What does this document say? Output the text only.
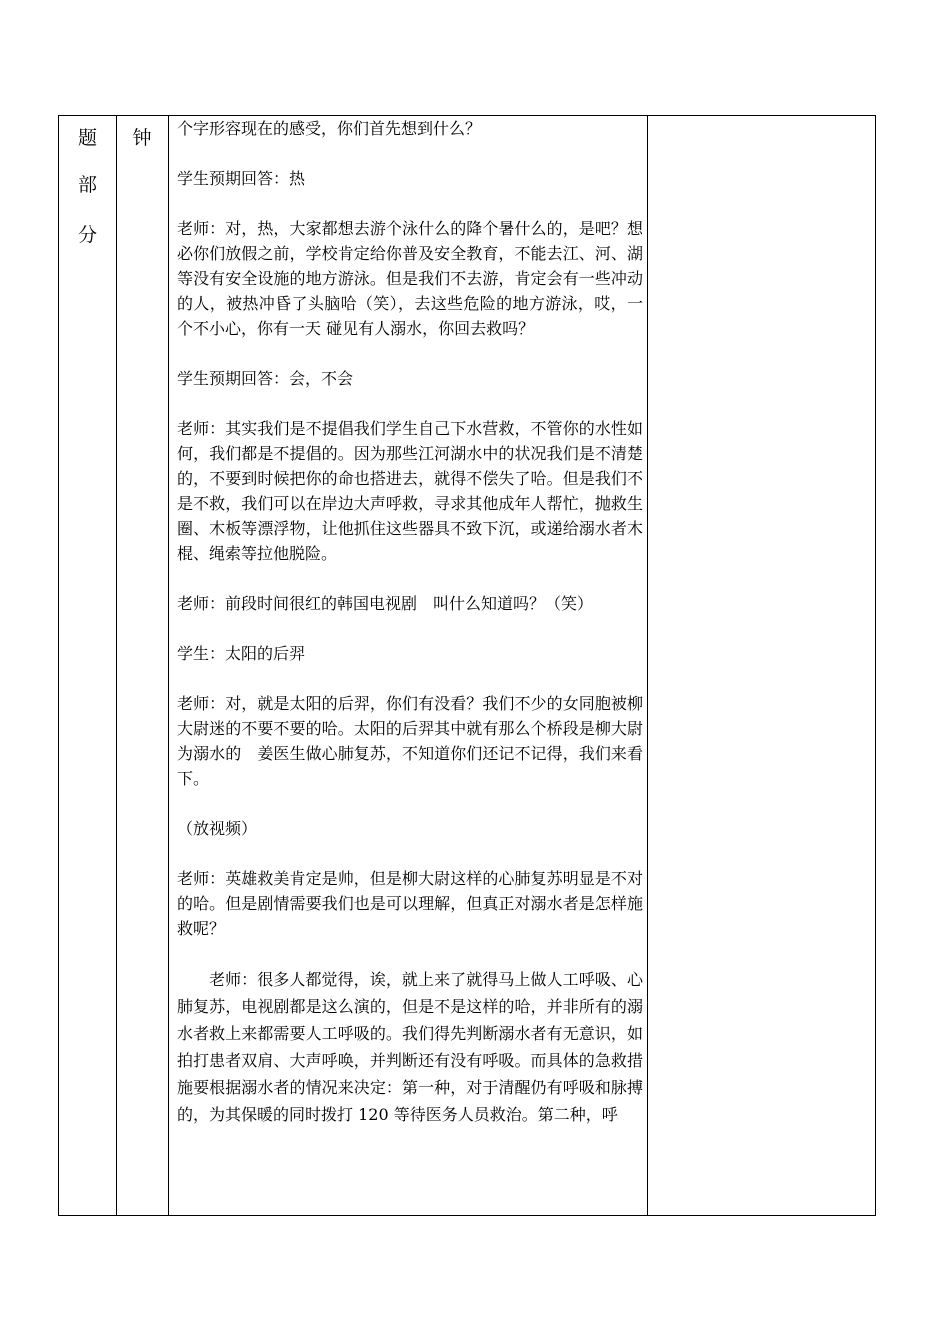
题
部
分
钟	个字形容现在的感受，你们首先想到什么？

学生预期回答：热

老师：对，热，大家都想去游个泳什么的降个暑什么的，是吧？想必你们放假之前，学校肯定给你普及安全教育，不能去江、河、湖等没有安全设施的地方游泳。但是我们不去游，肯定会有一些冲动的人，被热冲昏了头脑哈（笑），去这些危险的地方游泳，哎，一个不小心，你有一天 碰见有人溺水，你回去救吗？

学生预期回答：会，不会

老师：其实我们是不提倡我们学生自己下水营救，不管你的水性如何，我们都是不提倡的。因为那些江河湖水中的状况我们是不清楚的，不要到时候把你的命也搭进去，就得不偿失了哈。但是我们不是不救，我们可以在岸边大声呼救，寻求其他成年人帮忙，抛救生圈、木板等漂浮物，让他抓住这些器具不致下沉，或递给溺水者木棍、绳索等拉他脱险。

老师：前段时间很红的韩国电视剧　叫什么知道吗？（笑）

学生：太阳的后羿

老师：对，就是太阳的后羿，你们有没看？我们不少的女同胞被柳大尉迷的不要不要的哈。太阳的后羿其中就有那么个桥段是柳大尉为溺水的　姜医生做心肺复苏，不知道你们还记不记得，我们来看下。

（放视频）

老师：英雄救美肯定是帅，但是柳大尉这样的心肺复苏明显是不对的哈。但是剧情需要我们也是可以理解，但真正对溺水者是怎样施救呢？

老师：很多人都觉得，诶，就上来了就得马上做人工呼吸、心肺复苏，电视剧都是这么演的，但是不是这样的哈，并非所有的溺水者救上来都需要人工呼吸的。我们得先判断溺水者有无意识，如拍打患者双肩、大声呼唤，并判断还有没有呼吸。而具体的急救措施要根据溺水者的情况来决定：第一种，对于清醒仍有呼吸和脉搏的，为其保暖的同时拨打 120 等待医务人员救治。第二种，呼
